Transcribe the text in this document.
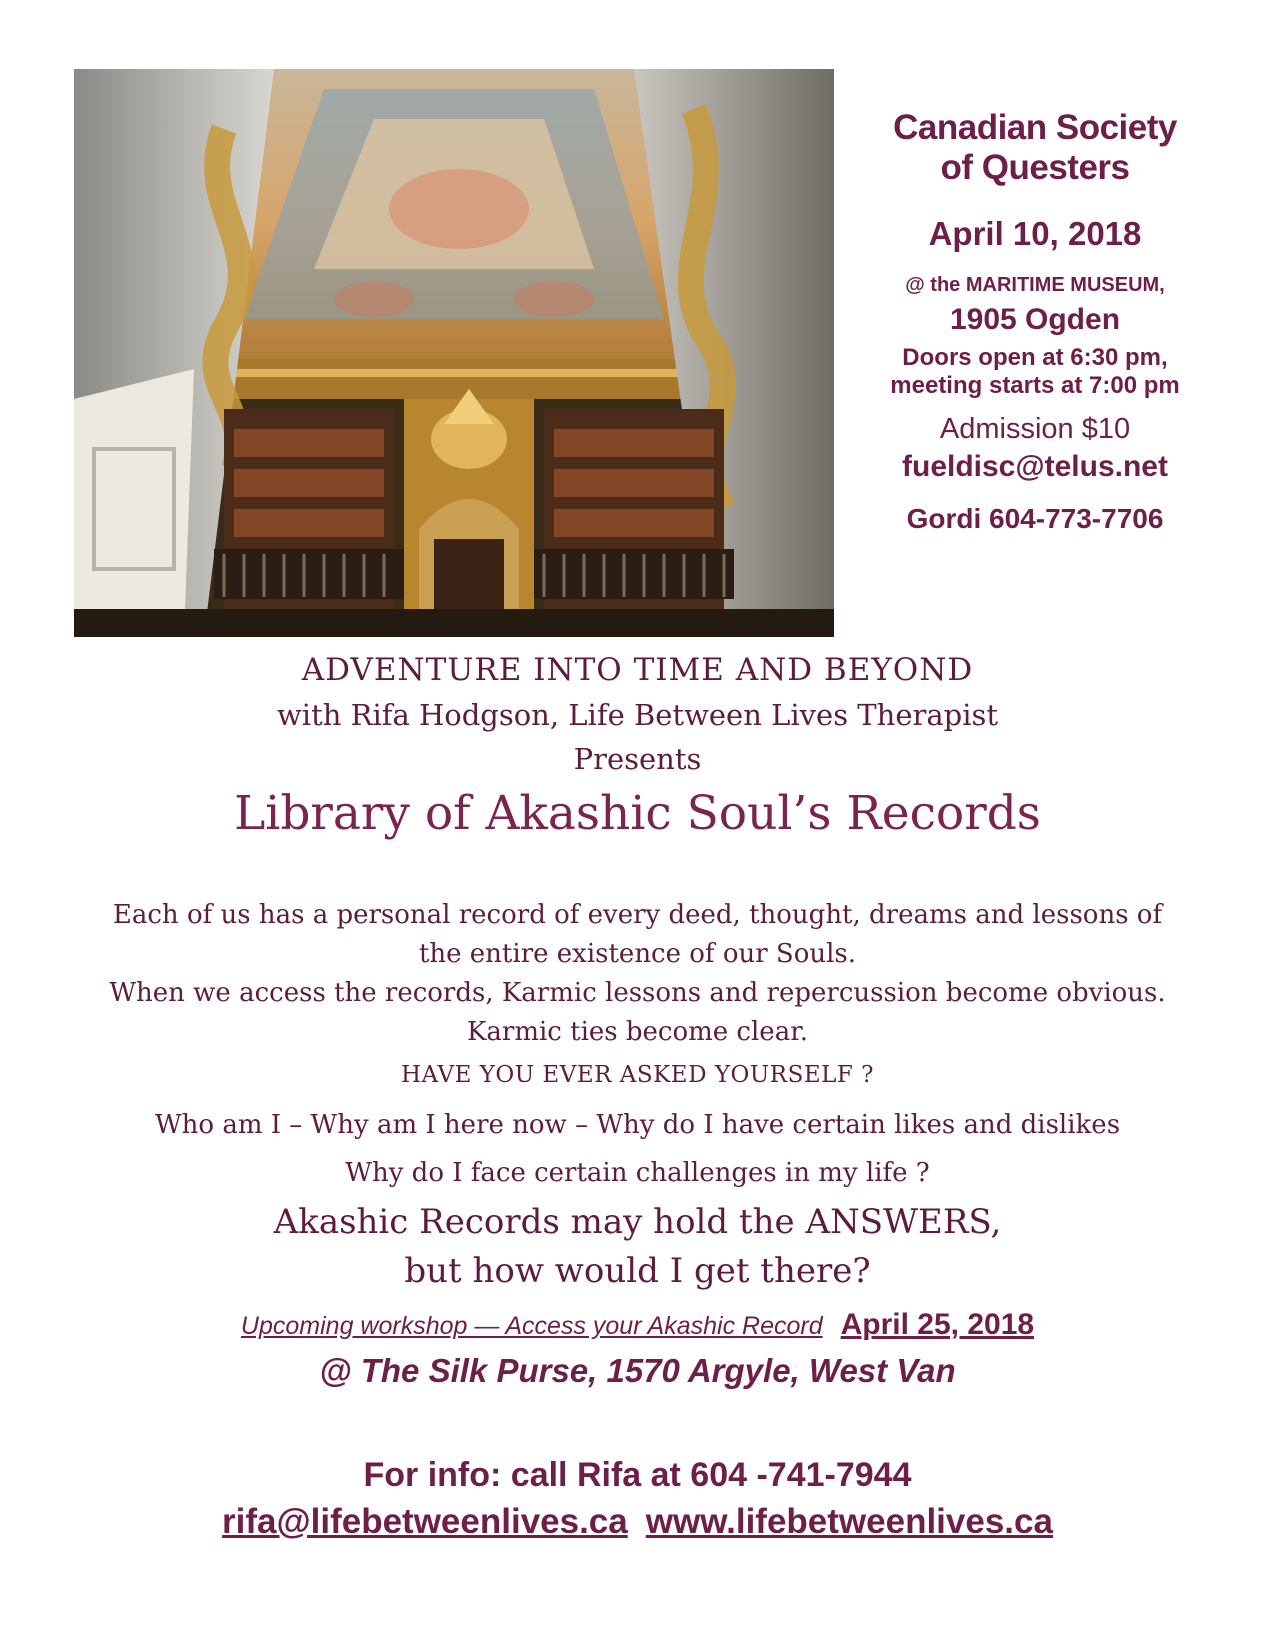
Canadian Society
of Questers
April 10, 2018
@ the MARITIME MUSEUM,
1905 Ogden
Doors open at 6:30 pm,
meeting starts at 7:00 pm
Admission $10
fueldisc@telus.net
Gordi 604-773-7706
ADVENTURE INTO TIME AND BEYOND
with Rifa Hodgson, Life Between Lives Therapist
Presents
Library of Akashic Soul’s Records
Each of us has a personal record of every deed, thought, dreams and lessons of
the entire existence of our Souls.
When we access the records, Karmic lessons and repercussion become obvious.
Karmic ties become clear.
HAVE YOU EVER ASKED YOURSELF ?
Who am I – Why am I here now – Why do I have certain likes and dislikes
Why do I face certain challenges in my life ?
Akashic Records may hold the ANSWERS,
but how would I get there?
Upcoming workshop — Access your Akashic Record April 25, 2018
@ The Silk Purse, 1570 Argyle, West Van
For info: call Rifa at 604 -741-7944
rifa@lifebetweenlives.ca www.lifebetweenlives.ca
